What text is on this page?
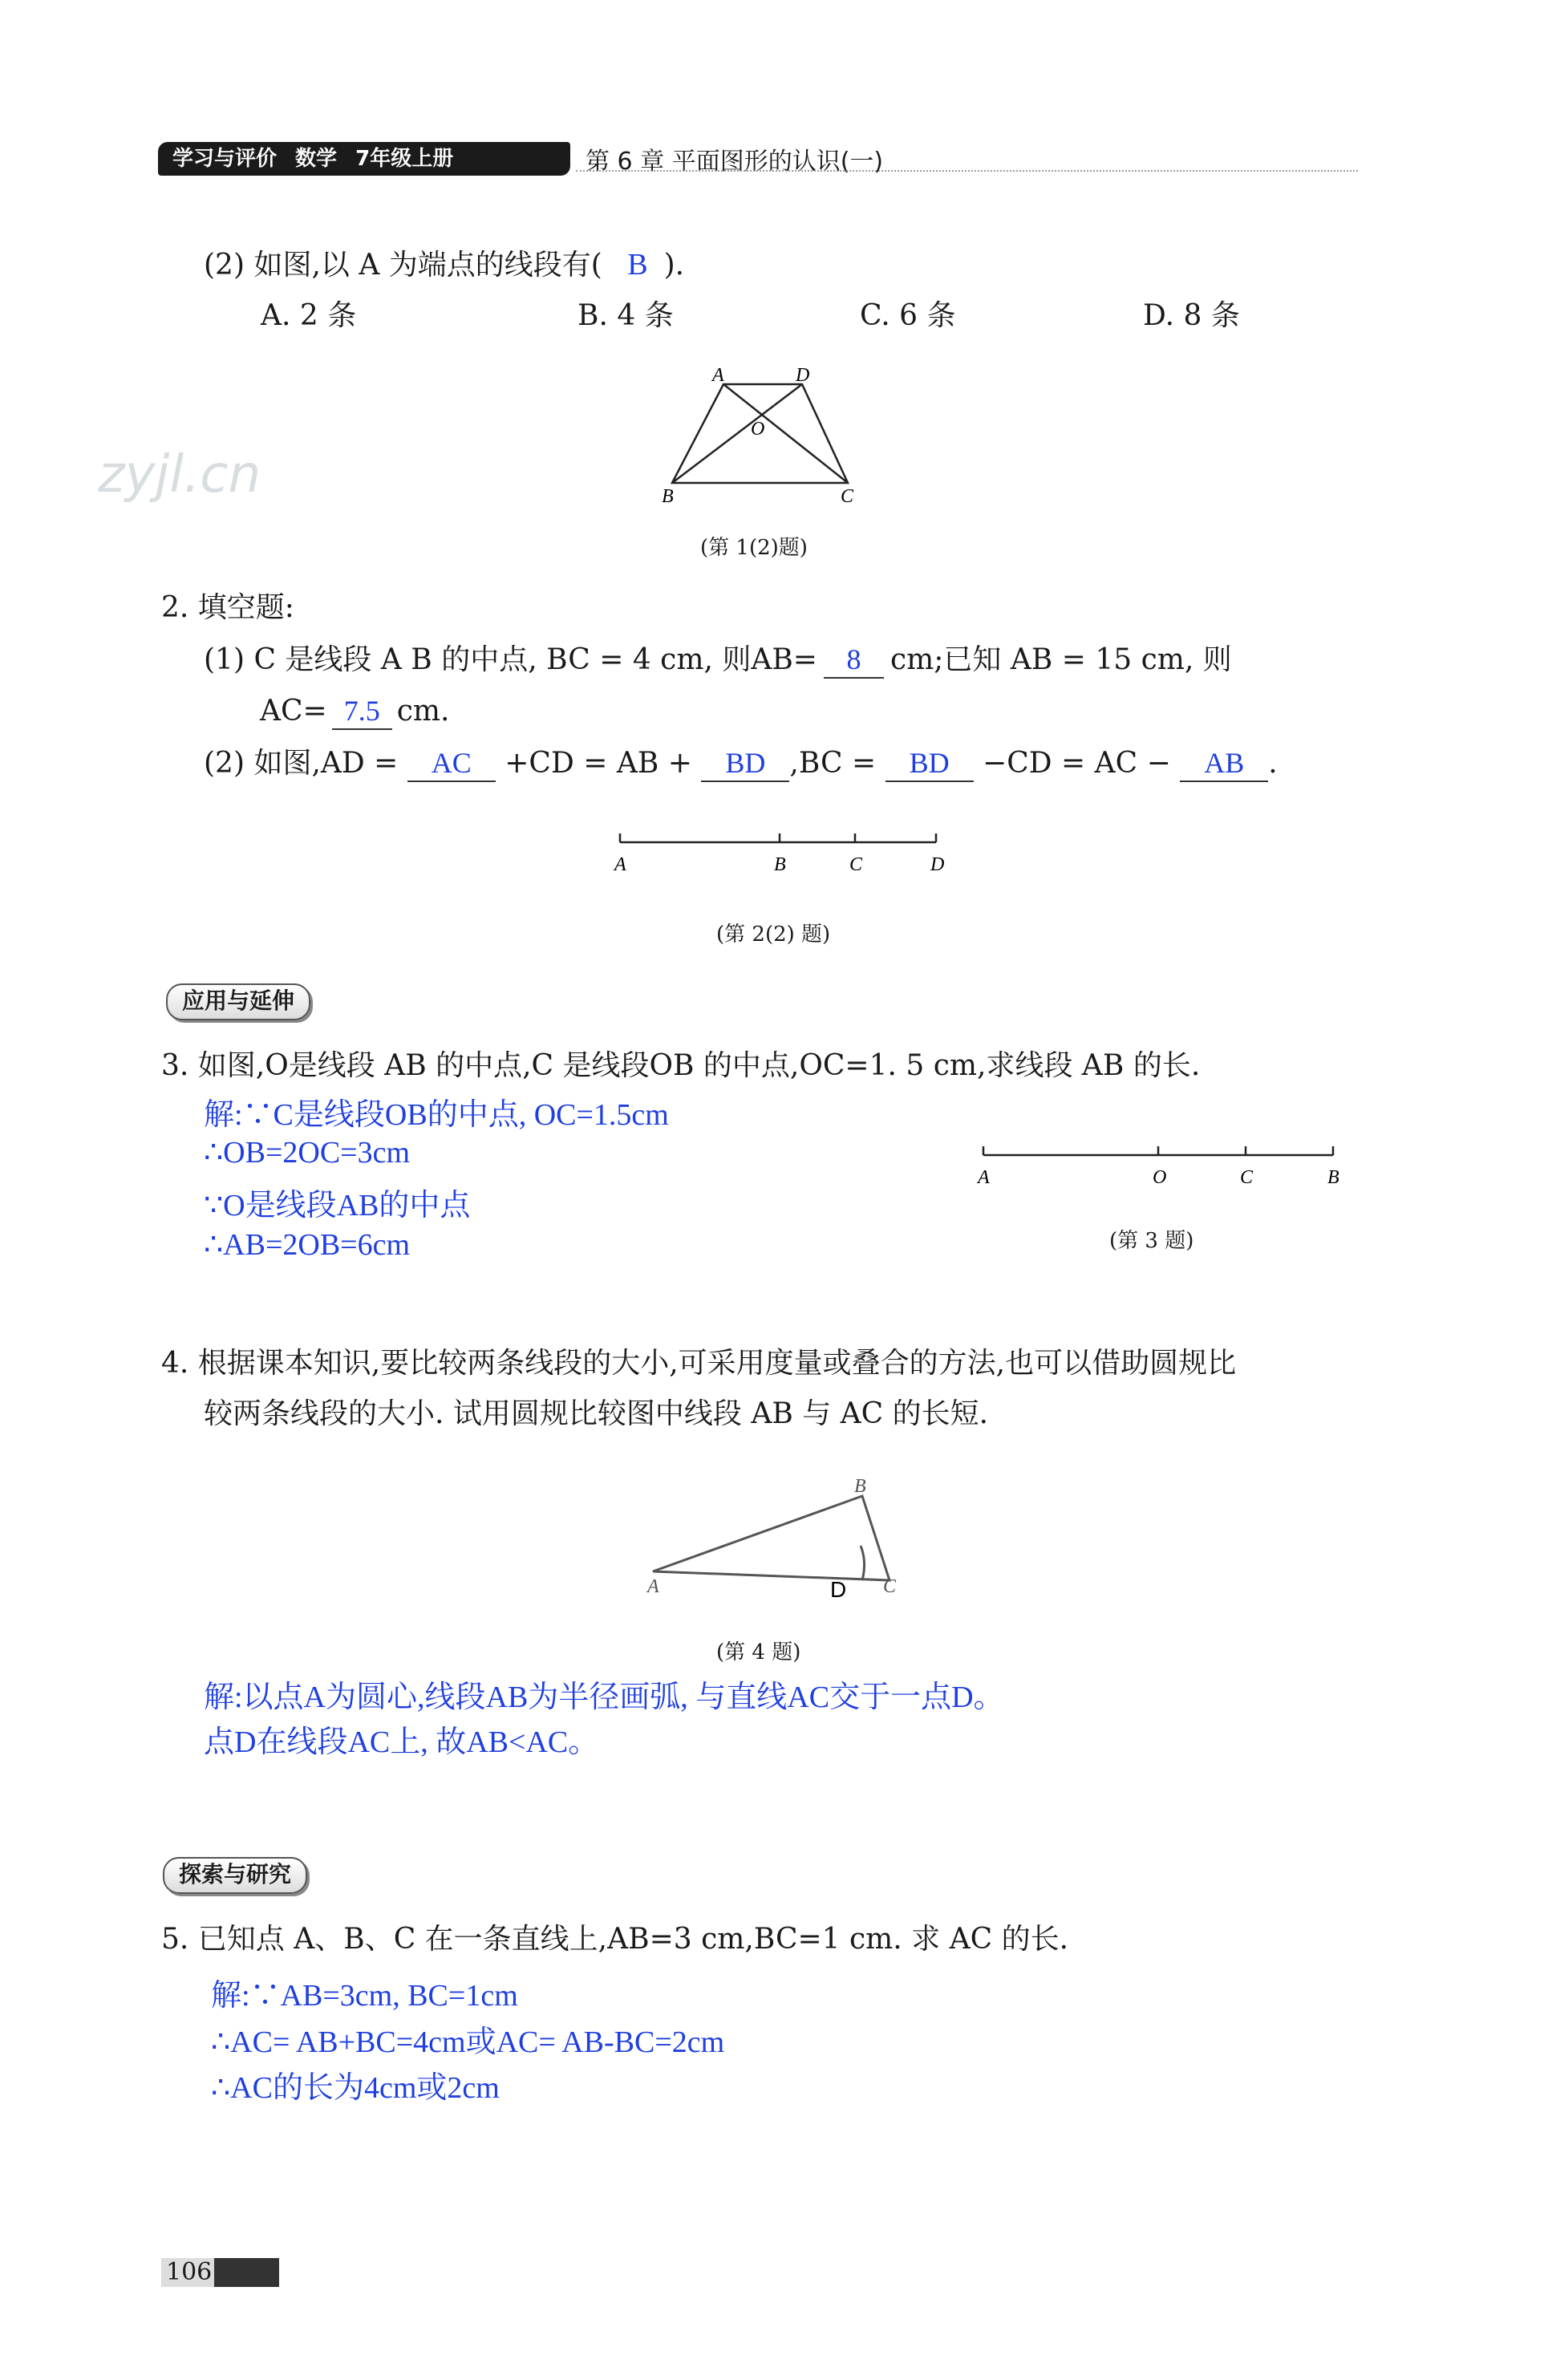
学习与评价 数学 7年级上册	第 6 章 平面图形的认识(一)
zyjl.cn
(2) 如图,以 A 为端点的线段有( B ).
A. 2 条	B. 4 条	C. 6 条	D. 8 条
A	D
O
B	C
(第 1(2)题)
2. 填空题:
(1) C 是线段 A B 的中点, BC = 4 cm, 则AB= 8 cm;已知 AB = 15 cm, 则
AC= 7.5 cm.
(2) 如图,AD = AC +CD = AB + BD ,BC = BD −CD = AC − AB .
A	B	C	D
(第 2(2) 题)
应用与延伸
3. 如图,O是线段 AB 的中点,C 是线段OB 的中点,OC=1. 5 cm,求线段 AB 的长.
解:∵C是线段OB的中点, OC=1.5cm
∴OB=2OC=3cm
∵O是线段AB的中点
∴AB=2OB=6cm
A	O	C	B
(第 3 题)
4. 根据课本知识,要比较两条线段的大小,可采用度量或叠合的方法,也可以借助圆规比
较两条线段的大小. 试用圆规比较图中线段 AB 与 AC 的长短.
A
B
C
D
(第 4 题)
解:以点A为圆心,线段AB为半径画弧, 与直线AC交于一点D。
点D在线段AC上, 故AB<AC。
探索与研究
5. 已知点 A、B、C 在一条直线上,AB=3 cm,BC=1 cm. 求 AC 的长.
解:∵AB=3cm, BC=1cm
∴AC= AB+BC=4cm或AC= AB-BC=2cm
∴AC的长为4cm或2cm
106
